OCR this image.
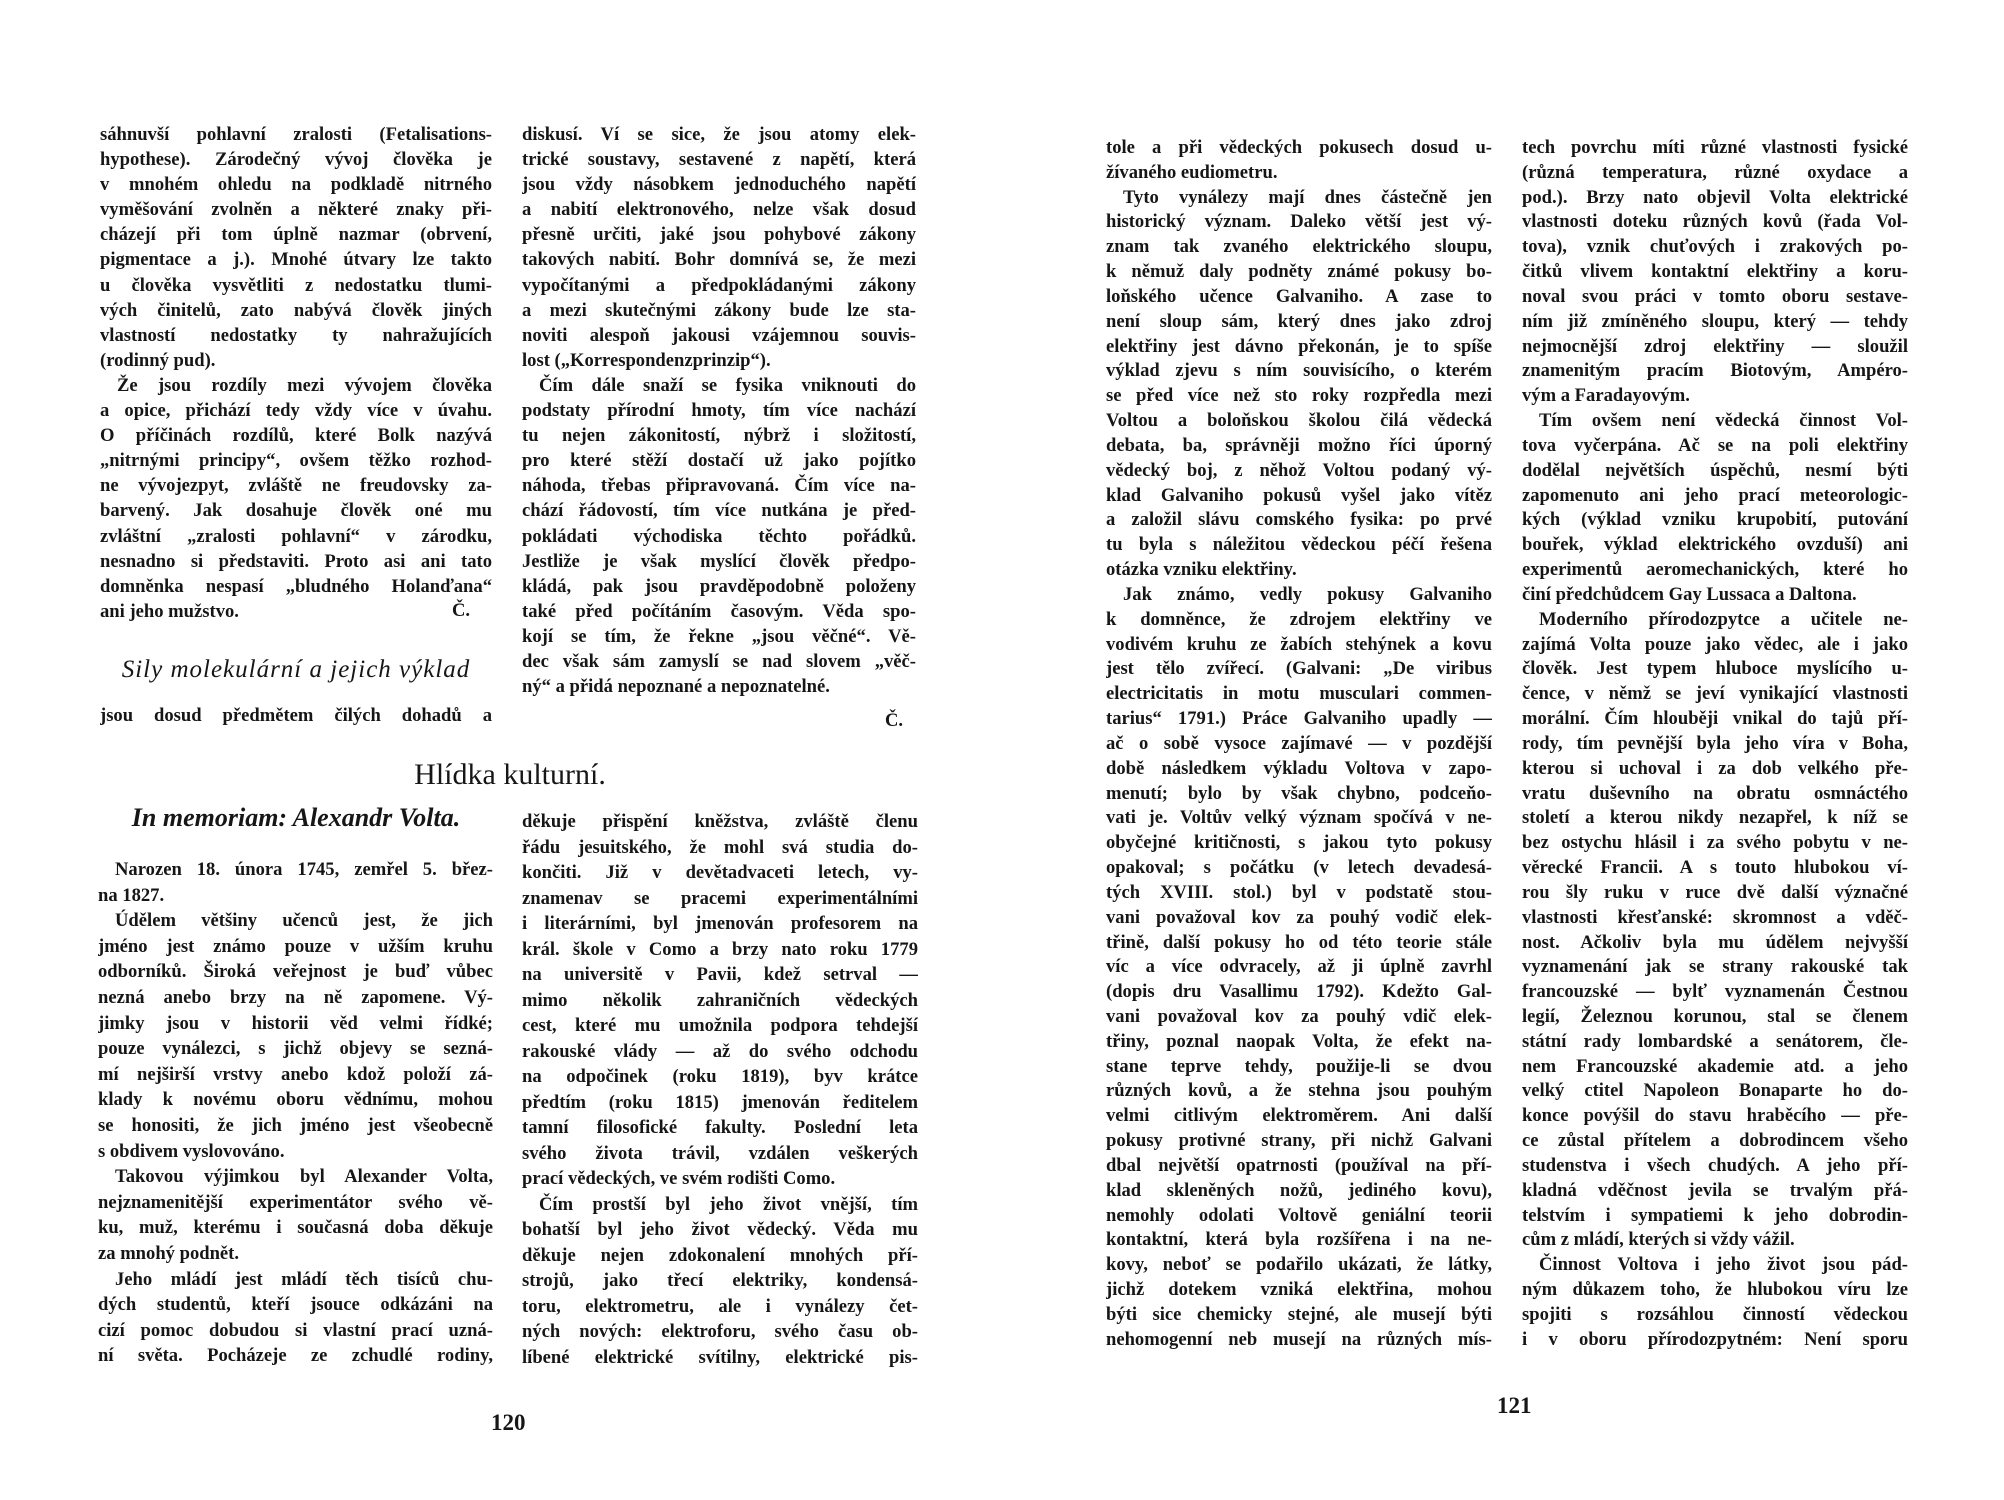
sáhnuvší pohlavní zralosti (Fetalisations-
hypothese). Zárodečný vývoj člověka je
v mnohém ohledu na podkladě nitrného
vyměšování zvolněn a některé znaky při-
cházejí při tom úplně nazmar (obrvení,
pigmentace a j.). Mnohé útvary lze takto
u člověka vysvětliti z nedostatku tlumi-
vých činitelů, zato nabývá člověk jiných
vlastností nedostatky ty nahražujících
(rodinný pud).
Že jsou rozdíly mezi vývojem člověka
a opice, přichází tedy vždy více v úvahu.
O příčinách rozdílů, které Bolk nazývá
„nitrnými principy“, ovšem těžko rozhod-
ne vývojezpyt, zvláště ne freudovsky za-
barvený. Jak dosahuje člověk oné mu
zvláštní „zralosti pohlavní“ v zárodku,
nesnadno si představiti. Proto asi ani tato
domněnka nespasí „bludného Holanďana“
ani jeho mužstvo.	Č.
Sily molekulární a jejich výklad
jsou dosud předmětem čilých dohadů a
diskusí. Ví se sice, že jsou atomy elek-
trické soustavy, sestavené z napětí, která
jsou vždy násobkem jednoduchého napětí
a nabití elektronového, nelze však dosud
přesně určiti, jaké jsou pohybové zákony
takových nabití. Bohr domnívá se, že mezi
vypočítanými a předpokládanými zákony
a mezi skutečnými zákony bude lze sta-
noviti alespoň jakousi vzájemnou souvis-
lost („Korrespondenzprinzip“).
Čím dále snaží se fysika vniknouti do
podstaty přírodní hmoty, tím více nachází
tu nejen zákonitostí, nýbrž i složitostí,
pro které stěží dostačí už jako pojítko
náhoda, třebas připravovaná. Čím více na-
chází řádovostí, tím více nutkána je před-
pokládati východiska těchto pořádků.
Jestliže je však myslící člověk předpo-
kládá, pak jsou pravděpodobně položeny
také před počítáním časovým. Věda spo-
kojí se tím, že řekne „jsou věčné“. Vě-
dec však sám zamyslí se nad slovem „věč-
ný“ a přidá nepoznané a nepoznatelné.
Č.
Hlídka kulturní.
In memoriam: Alexandr Volta.
Narozen 18. února 1745, zemřel 5. břez-
na 1827.
Údělem většiny učenců jest, že jich
jméno jest známo pouze v užším kruhu
odborníků. Široká veřejnost je buď vůbec
nezná anebo brzy na ně zapomene. Vý-
jimky jsou v historii věd velmi řídké;
pouze vynálezci, s jichž objevy se sezná-
mí nejširší vrstvy anebo kdož položí zá-
klady k novému oboru vědnímu, mohou
se honositi, že jich jméno jest všeobecně
s obdivem vyslovováno.
Takovou výjimkou byl Alexander Volta,
nejznamenitější experimentátor svého vě-
ku, muž, kterému i současná doba děkuje
za mnohý podnět.
Jeho mládí jest mládí těch tisíců chu-
dých studentů, kteří jsouce odkázáni na
cizí pomoc dobudou si vlastní prací uzná-
ní světa. Pocházeje ze zchudlé rodiny,
děkuje přispění kněžstva, zvláště členu
řádu jesuitského, že mohl svá studia do-
končiti. Již v devětadvaceti letech, vy-
znamenav se pracemi experimentálními
i literárními, byl jmenován profesorem na
král. škole v Como a brzy nato roku 1779
na universitě v Pavii, kdež setrval —
mimo několik zahraničních vědeckých
cest, které mu umožnila podpora tehdejší
rakouské vlády — až do svého odchodu
na odpočinek (roku 1819), byv krátce
předtím (roku 1815) jmenován ředitelem
tamní filosofické fakulty. Poslední leta
svého života trávil, vzdálen veškerých
prací vědeckých, ve svém rodišti Como.
Čím prostší byl jeho život vnější, tím
bohatší byl jeho život vědecký. Věda mu
děkuje nejen zdokonalení mnohých pří-
strojů, jako třecí elektriky, kondensá-
toru, elektrometru, ale i vynálezy čet-
ných nových: elektroforu, svého času ob-
líbené elektrické svítilny, elektrické pis-
120
tole a při vědeckých pokusech dosud u-
žívaného eudiometru.
Tyto vynálezy mají dnes částečně jen
historický význam. Daleko větší jest vý-
znam tak zvaného elektrického sloupu,
k němuž daly podněty známé pokusy bo-
loňského učence Galvaniho. A zase to
není sloup sám, který dnes jako zdroj
elektřiny jest dávno překonán, je to spíše
výklad zjevu s ním souvisícího, o kterém
se před více než sto roky rozpředla mezi
Voltou a boloňskou školou čilá vědecká
debata, ba, správněji možno říci úporný
vědecký boj, z něhož Voltou podaný vý-
klad Galvaniho pokusů vyšel jako vítěz
a založil slávu comského fysika: po prvé
tu byla s náležitou vědeckou péčí řešena
otázka vzniku elektřiny.
Jak známo, vedly pokusy Galvaniho
k domněnce, že zdrojem elektřiny ve
vodivém kruhu ze žabích stehýnek a kovu
jest tělo zvířecí. (Galvani: „De viribus
electricitatis in motu musculari commen-
tarius“ 1791.) Práce Galvaniho upadly —
ač o sobě vysoce zajímavé — v pozdější
době následkem výkladu Voltova v zapo-
menutí; bylo by však chybno, podceňo-
vati je. Voltův velký význam spočívá v ne-
obyčejné kritičnosti, s jakou tyto pokusy
opakoval; s počátku (v letech devadesá-
tých XVIII. stol.) byl v podstatě stou-
vani považoval kov za pouhý vodič elek-
třině, další pokusy ho od této teorie stále
víc a více odvracely, až ji úplně zavrhl
(dopis dru Vasallimu 1792). Kdežto Gal-
vani považoval kov za pouhý vdič elek-
třiny, poznal naopak Volta, že efekt na-
stane teprve tehdy, použije-li se dvou
různých kovů, a že stehna jsou pouhým
velmi citlivým elektroměrem. Ani další
pokusy protivné strany, při nichž Galvani
dbal největší opatrnosti (používal na pří-
klad skleněných nožů, jediného kovu),
nemohly odolati Voltově geniální teorii
kontaktní, která byla rozšířena i na ne-
kovy, neboť se podařilo ukázati, že látky,
jichž dotekem vzniká elektřina, mohou
býti sice chemicky stejné, ale musejí býti
nehomogenní neb musejí na různých mís-
tech povrchu míti různé vlastnosti fysické
(různá temperatura, různé oxydace a
pod.). Brzy nato objevil Volta elektrické
vlastnosti doteku různých kovů (řada Vol-
tova), vznik chuťových i zrakových po-
čitků vlivem kontaktní elektřiny a koru-
noval svou práci v tomto oboru sestave-
ním již zmíněného sloupu, který — tehdy
nejmocnější zdroj elektřiny — sloužil
znamenitým pracím Biotovým, Ampéro-
vým a Faradayovým.
Tím ovšem není vědecká činnost Vol-
tova vyčerpána. Ač se na poli elektřiny
dodělal největších úspěchů, nesmí býti
zapomenuto ani jeho prací meteorologic-
kých (výklad vzniku krupobití, putování
bouřek, výklad elektrického ovzduší) ani
experimentů aeromechanických, které ho
činí předchůdcem Gay Lussaca a Daltona.
Moderního přírodozpytce a učitele ne-
zajímá Volta pouze jako vědec, ale i jako
člověk. Jest typem hluboce myslícího u-
čence, v němž se jeví vynikající vlastnosti
morální. Čím hlouběji vnikal do tajů pří-
rody, tím pevnější byla jeho víra v Boha,
kterou si uchoval i za dob velkého pře-
vratu duševního na obratu osmnáctého
století a kterou nikdy nezapřel, k níž se
bez ostychu hlásil i za svého pobytu v ne-
věrecké Francii. A s touto hlubokou ví-
rou šly ruku v ruce dvě další význačné
vlastnosti křesťanské: skromnost a vděč-
nost. Ačkoliv byla mu údělem nejvyšší
vyznamenání jak se strany rakouské tak
francouzské — bylť vyznamenán Čestnou
legií, Železnou korunou, stal se členem
státní rady lombardské a senátorem, čle-
nem Francouzské akademie atd. a jeho
velký ctitel Napoleon Bonaparte ho do-
konce povýšil do stavu hraběcího — pře-
ce zůstal přítelem a dobrodincem všeho
studenstva i všech chudých. A jeho pří-
kladná vděčnost jevila se trvalým přá-
telstvím i sympatiemi k jeho dobrodin-
cům z mládí, kterých si vždy vážil.
Činnost Voltova i jeho život jsou pád-
ným důkazem toho, že hlubokou víru lze
spojiti s rozsáhlou činností vědeckou
i v oboru přírodozpytném: Není sporu
121
